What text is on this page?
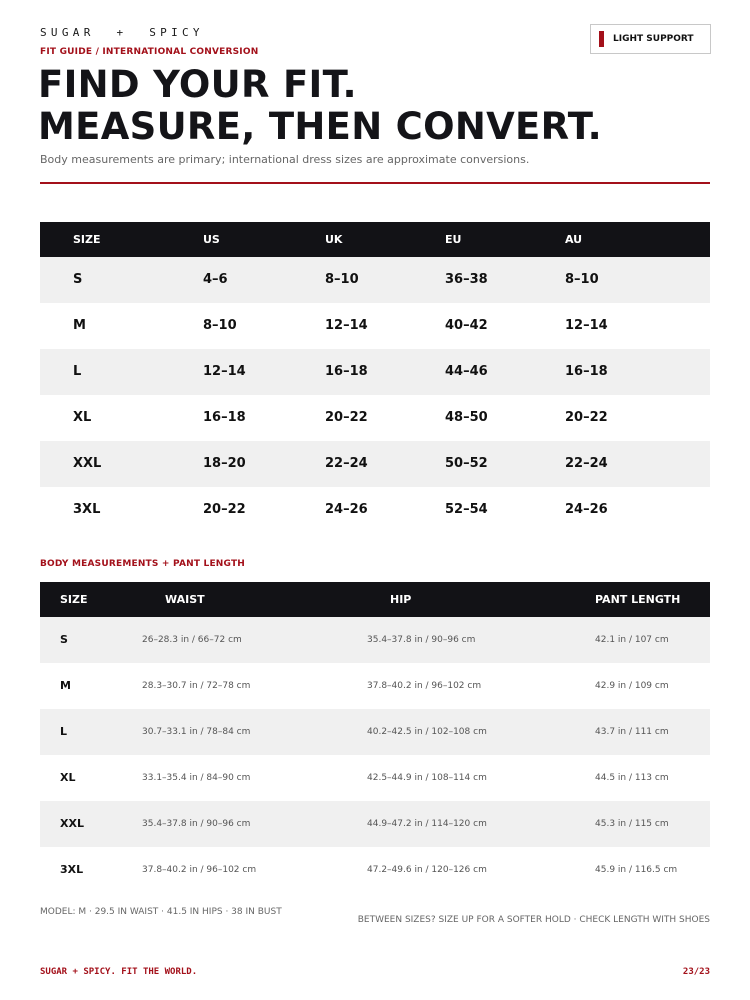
SUGAR  +  SPICY
FIT GUIDE / INTERNATIONAL CONVERSION
FIND YOUR FIT.
MEASURE, THEN CONVERT.
Body measurements are primary; international dress sizes are approximate conversions.
LIGHT SUPPORT
SIZE	US	UK	EU	AU
S	4–6	8–10	36–38	8–10
M	8–10	12–14	40–42	12–14
L	12–14	16–18	44–46	16–18
XL	16–18	20–22	48–50	20–22
XXL	18–20	22–24	50–52	22–24
3XL	20–22	24–26	52–54	24–26
BODY MEASUREMENTS + PANT LENGTH
SIZE	WAIST	HIP	PANT LENGTH
S	26–28.3 in / 66–72 cm	35.4–37.8 in / 90–96 cm	42.1 in / 107 cm
M	28.3–30.7 in / 72–78 cm	37.8–40.2 in / 96–102 cm	42.9 in / 109 cm
L	30.7–33.1 in / 78–84 cm	40.2–42.5 in / 102–108 cm	43.7 in / 111 cm
XL	33.1–35.4 in / 84–90 cm	42.5–44.9 in / 108–114 cm	44.5 in / 113 cm
XXL	35.4–37.8 in / 90–96 cm	44.9–47.2 in / 114–120 cm	45.3 in / 115 cm
3XL	37.8–40.2 in / 96–102 cm	47.2–49.6 in / 120–126 cm	45.9 in / 116.5 cm
MODEL: M · 29.5 IN WAIST · 41.5 IN HIPS · 38 IN BUST
BETWEEN SIZES? SIZE UP FOR A SOFTER HOLD · CHECK LENGTH WITH SHOES
SUGAR + SPICY. FIT THE WORLD.	23/23
